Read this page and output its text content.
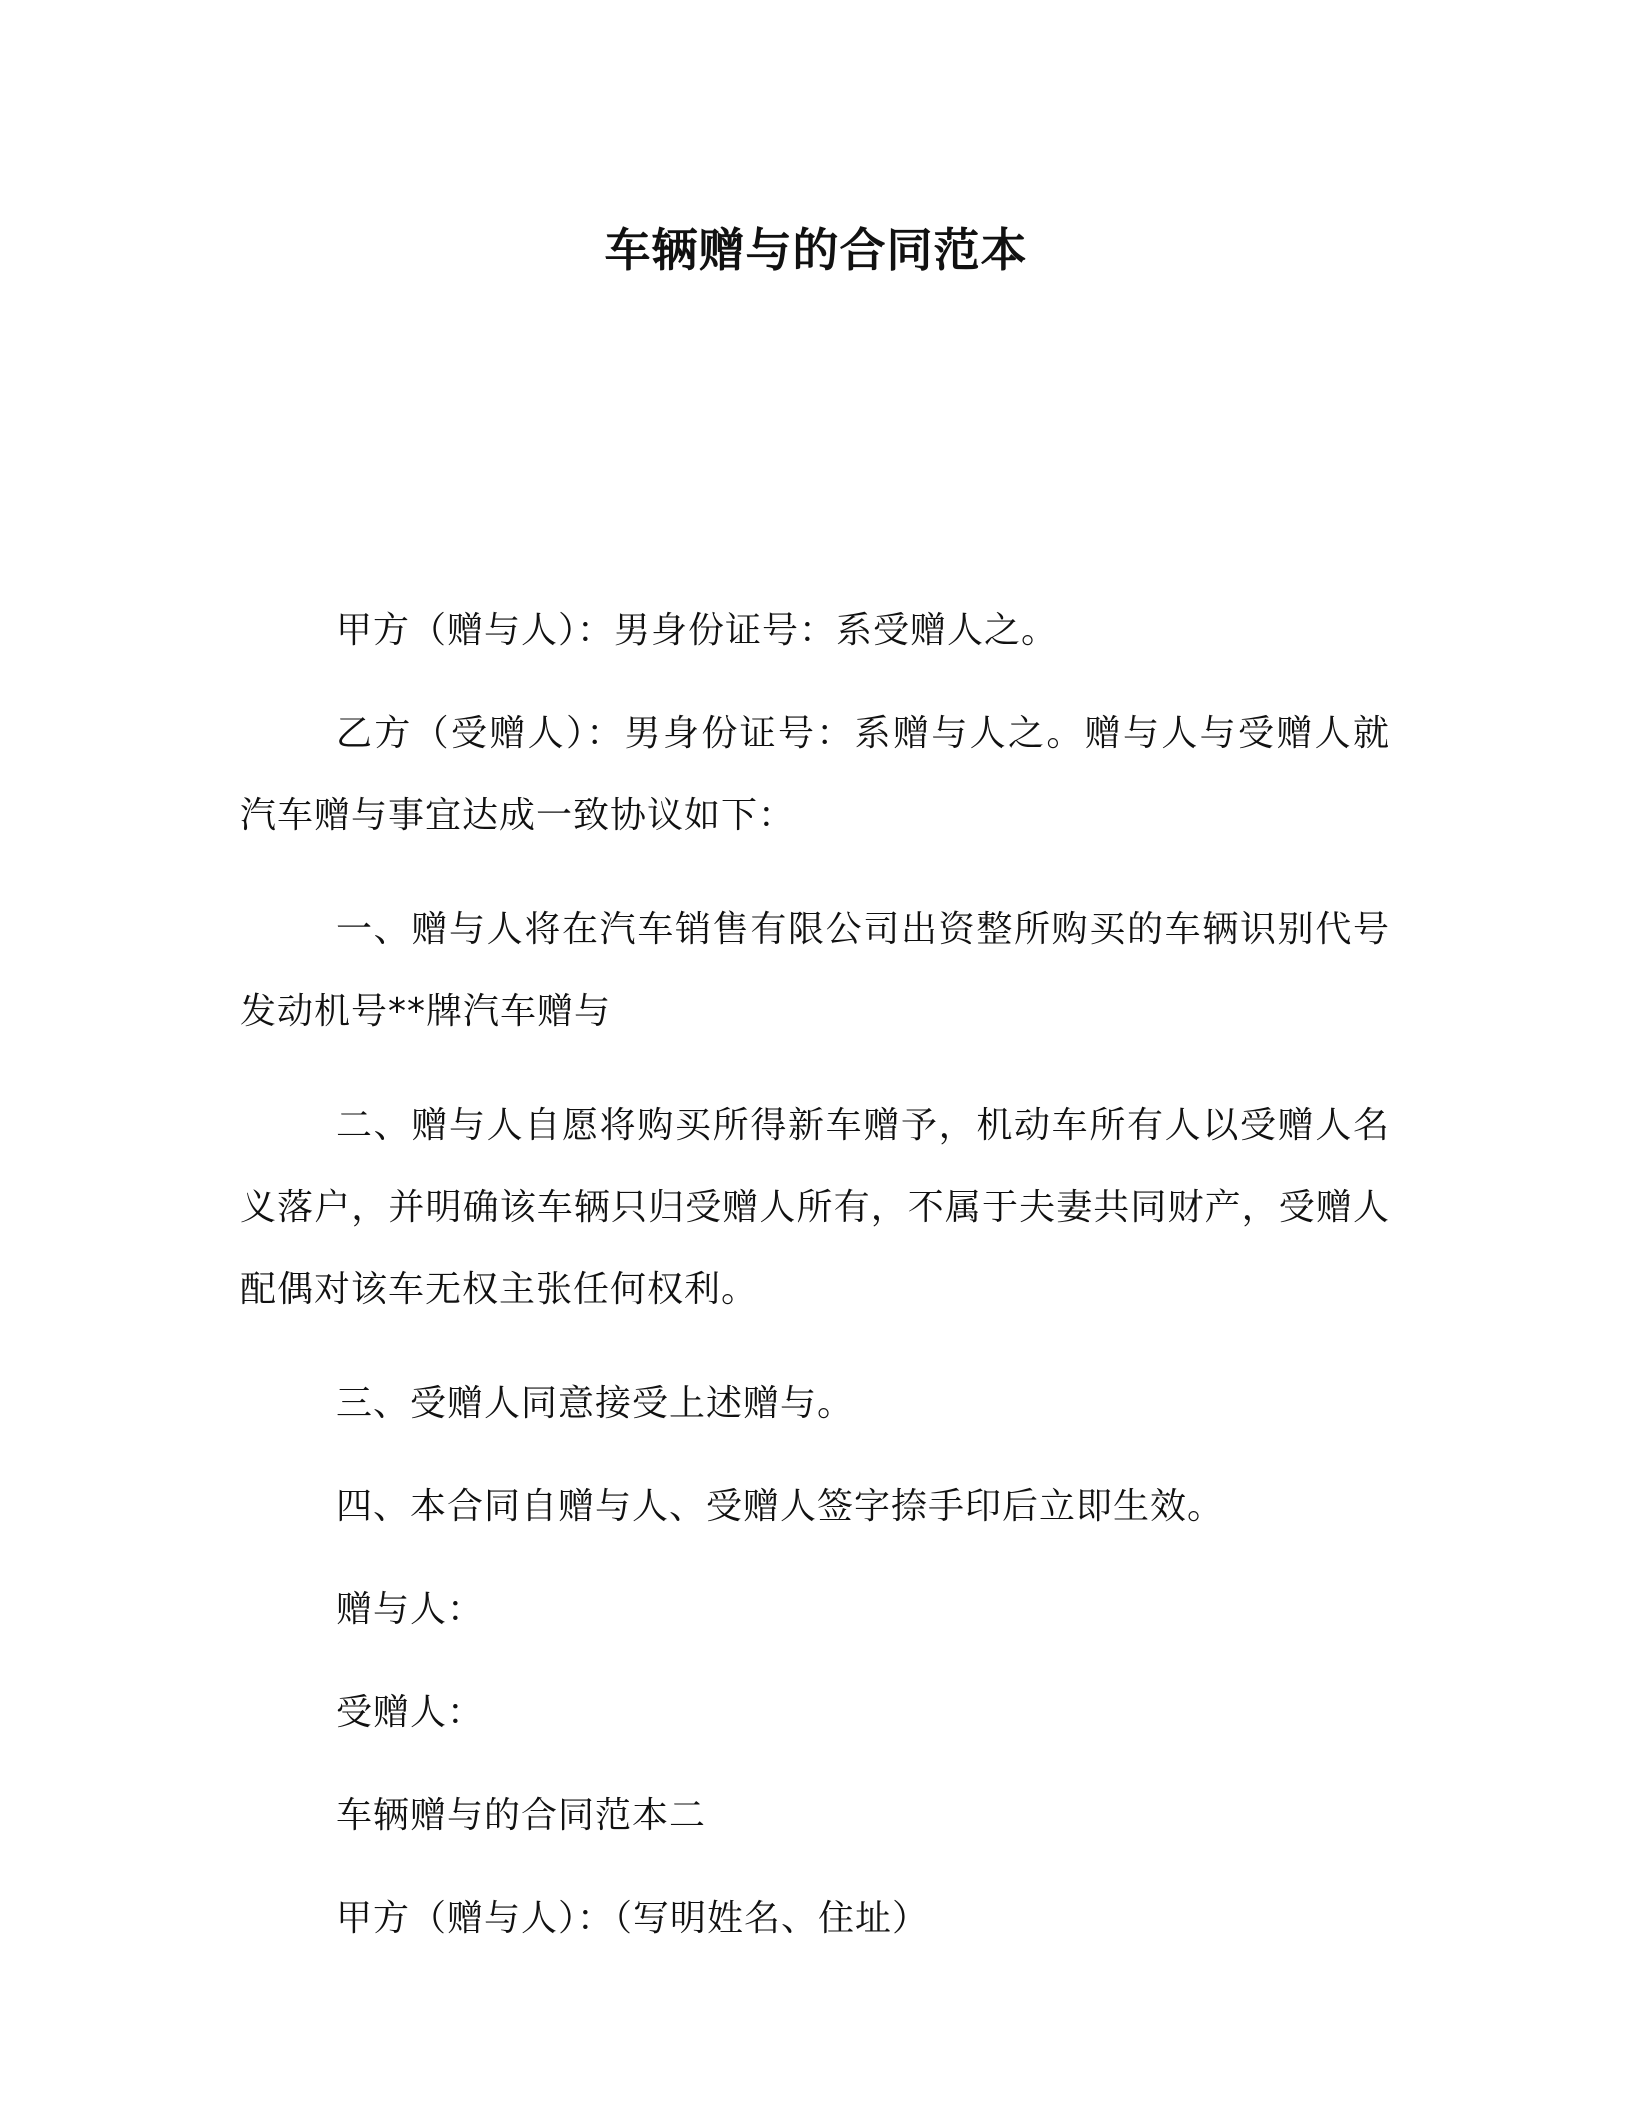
车辆赠与的合同范本

甲方（赠与人）：男身份证号：系受赠人之。

乙方（受赠人）：男身份证号：系赠与人之。赠与人与受赠人就汽车赠与事宜达成一致协议如下：

一、赠与人将在汽车销售有限公司出资整所购买的车辆识别代号发动机号**牌汽车赠与

二、赠与人自愿将购买所得新车赠予，机动车所有人以受赠人名义落户，并明确该车辆只归受赠人所有，不属于夫妻共同财产，受赠人配偶对该车无权主张任何权利。

三、受赠人同意接受上述赠与。

四、本合同自赠与人、受赠人签字捺手印后立即生效。

赠与人：

受赠人：

车辆赠与的合同范本二

甲方（赠与人）：（写明姓名、住址）
